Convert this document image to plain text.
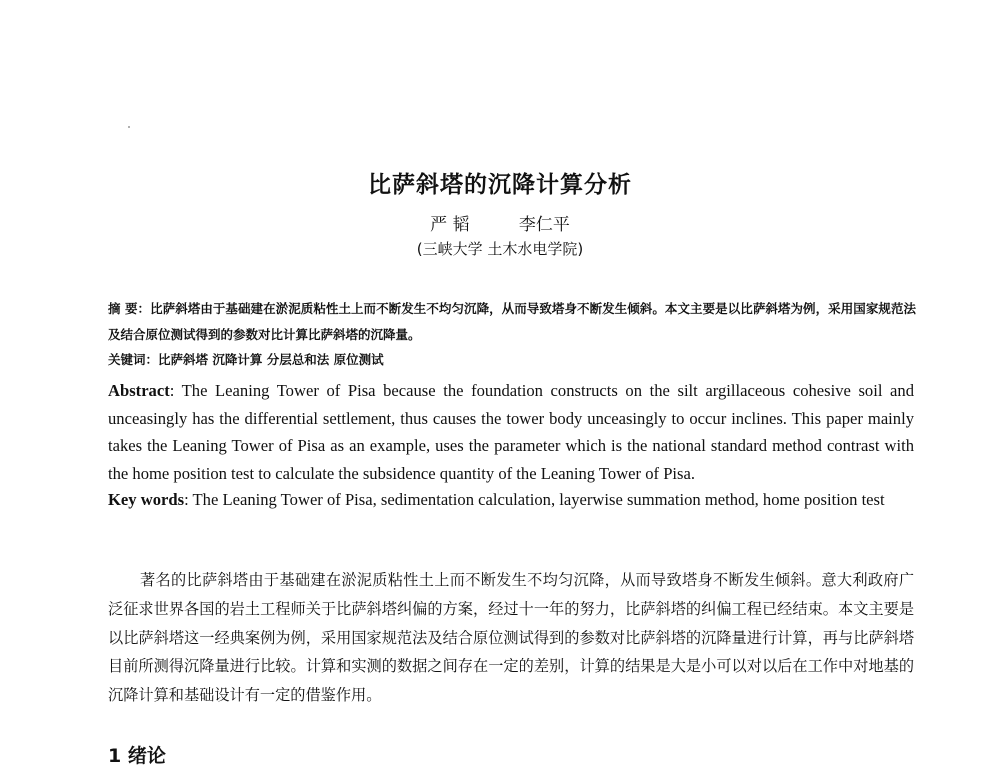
比萨斜塔的沉降计算分析
严 韬	李仁平
(三峡大学 土木水电学院)
摘 要：比萨斜塔由于基础建在淤泥质粘性土上而不断发生不均匀沉降，从而导致塔身不断发生倾斜。本文主要是以比萨斜塔为例，采用国家规范法及结合原位测试得到的参数对比计算比萨斜塔的沉降量。
关键词：比萨斜塔 沉降计算 分层总和法 原位测试
Abstract: The Leaning Tower of Pisa because the foundation constructs on the silt argillaceous cohesive soil and unceasingly has the differential settlement, thus causes the tower body unceasingly to occur inclines. This paper mainly takes the Leaning Tower of Pisa as an example, uses the parameter which is the national standard method contrast with the home position test to calculate the subsidence quantity of the Leaning Tower of Pisa.
Key words: The Leaning Tower of Pisa, sedimentation calculation, layerwise summation method, home position test
著名的比萨斜塔由于基础建在淤泥质粘性土上而不断发生不均匀沉降，从而导致塔身不断发生倾斜。意大利政府广泛征求世界各国的岩土工程师关于比萨斜塔纠偏的方案，经过十一年的努力，比萨斜塔的纠偏工程已经结束。本文主要是以比萨斜塔这一经典案例为例，采用国家规范法及结合原位测试得到的参数对比萨斜塔的沉降量进行计算，再与比萨斜塔目前所测得沉降量进行比较。计算和实测的数据之间存在一定的差别，计算的结果是大是小可以对以后在工作中对地基的沉降计算和基础设计有一定的借鉴作用。
1 绪论
